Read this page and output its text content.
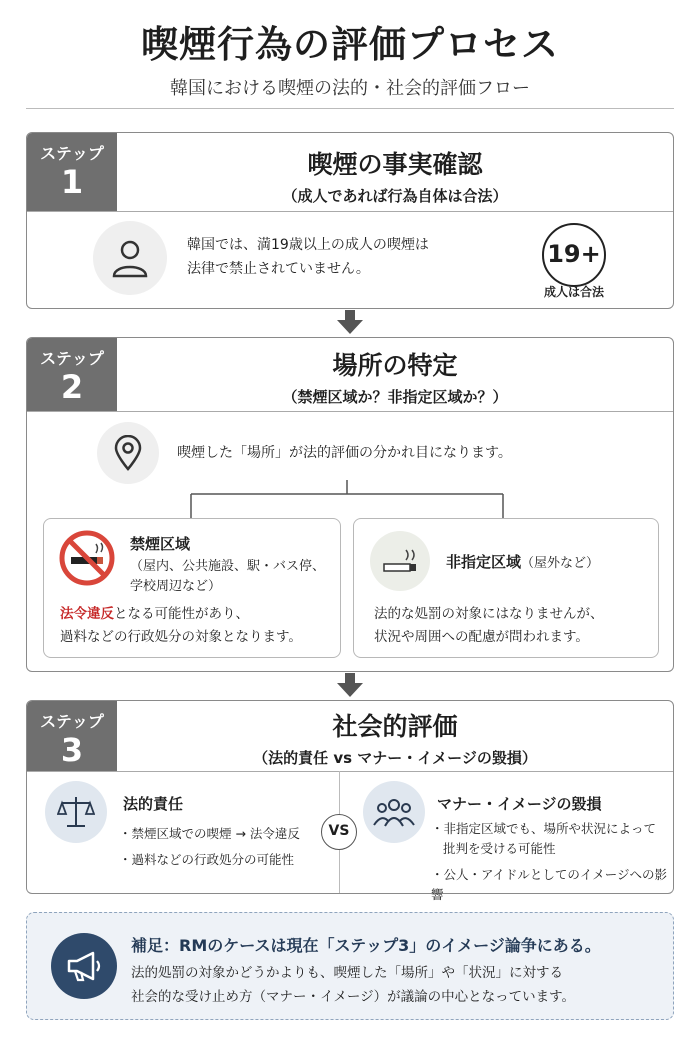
喫煙行為の評価プロセス
韓国における喫煙の法的・社会的評価フロー
ステップ
1	喫煙の事実確認
（成人であれば行為自体は合法）
韓国では、満19歳以上の成人の喫煙は
法律で禁止されていません。
19+
成人は合法
ステップ
2
場所の特定
（禁煙区域か？非指定区域か？）
喫煙した「場所」が法的評価の分かれ目になります。
禁煙区域
（屋内、公共施設、駅・バス停、
学校周辺など）
法令違反となる可能性があり、
過料などの行政処分の対象となります。
非指定区域（屋外など）
法的な処罰の対象にはなりませんが、
状況や周囲への配慮が問われます。
ステップ
3
社会的評価
（法的責任 vs マナー・イメージの毀損）
法的責任
・禁煙区域での喫煙 → 法令違反
・過料などの行政処分の可能性
VS
マナー・イメージの毀損
・非指定区域でも、場所や状況によって
批判を受ける可能性
・公人・アイドルとしてのイメージへの影響
補足：RMのケースは現在「ステップ3」のイメージ論争にある。
法的処罰の対象かどうかよりも、喫煙した「場所」や「状況」に対する
社会的な受け止め方（マナー・イメージ）が議論の中心となっています。
